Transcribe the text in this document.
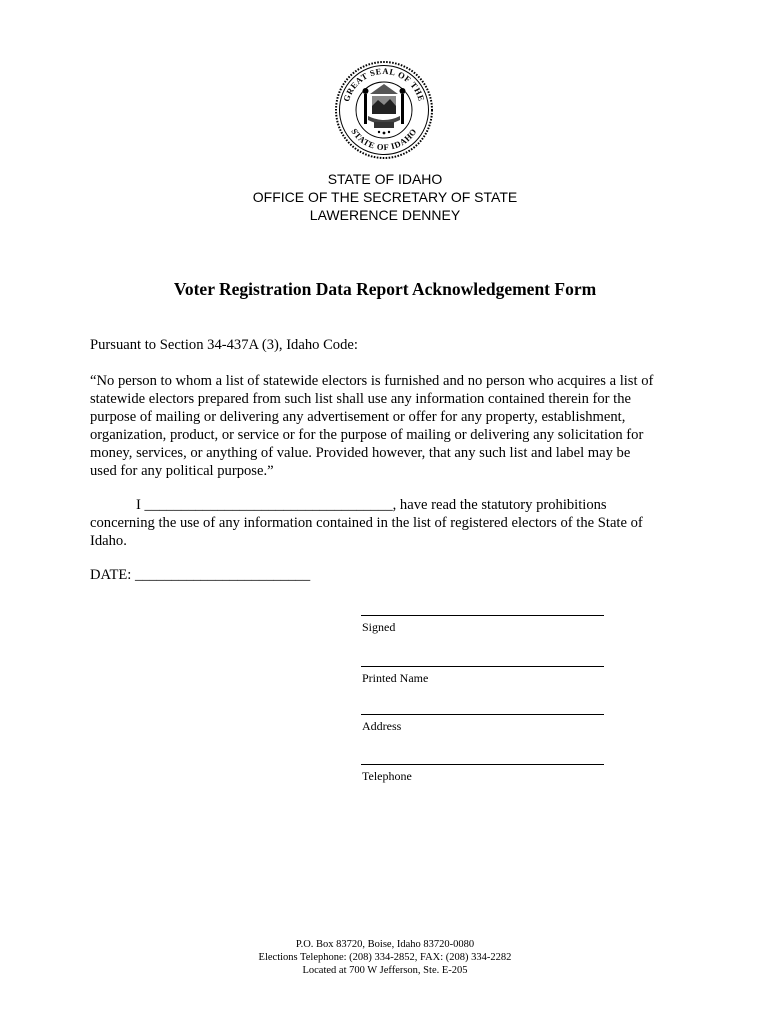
GREAT SEAL OF THE
STATE OF IDAHO
STATE OF IDAHO
OFFICE OF THE SECRETARY OF STATE
LAWERENCE DENNEY
Voter Registration Data Report Acknowledgement Form
Pursuant to Section 34-437A (3), Idaho Code:
“No person to whom a list of statewide electors is furnished and no person who acquires a list of
statewide electors prepared from such list shall use any information contained therein for the
purpose of mailing or delivering any advertisement or offer for any property, establishment,
organization, product, or service or for the purpose of mailing or delivering any solicitation for
money, services, or anything of value. Provided however, that any such list and label may be
used for any political purpose.”
I __________________________________, have read the statutory prohibitions
concerning the use of any information contained in the list of registered electors of the State of
Idaho.
DATE: ________________________
Signed
Printed Name
Address
Telephone
P.O. Box 83720, Boise, Idaho 83720-0080
Elections Telephone: (208) 334-2852, FAX: (208) 334-2282
Located at 700 W Jefferson, Ste. E-205
